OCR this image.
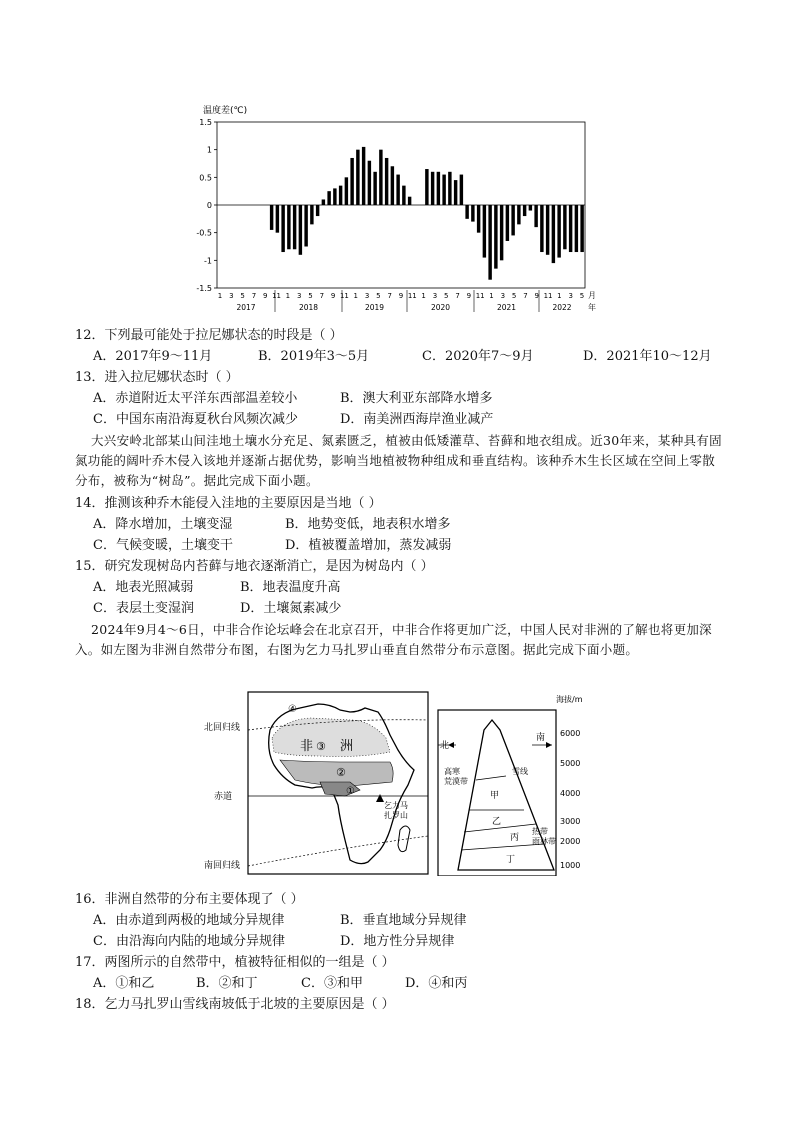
温度差(℃)
1.5
1
0.5
0
-0.5
-1
-1.5
1 3 5 7 9 11 1 3 5 7 9 11 1 3 5 7 9 11 1 3 5 7 9 11 1 3 5 7 9 11 1 3 5
2017	2018	2019	2020	2021	2022
月
年
12．下列最可能处于拉尼娜状态的时段是（ ）
A．2017年9～11月	B．2019年3～5月	C．2020年7～9月	D．2021年10～12月
13．进入拉尼娜状态时（ ）
A．赤道附近太平洋东西部温差较小	B．澳大利亚东部降水增多
C．中国东南沿海夏秋台风频次减少	D．南美洲西海岸渔业减产
大兴安岭北部某山间洼地土壤水分充足、氮素匮乏，植被由低矮灌草、苔藓和地衣组成。近30年来，某种具有固氮功能的阔叶乔木侵入该地并逐渐占据优势，影响当地植被物种组成和垂直结构。该种乔木生长区域在空间上零散分布，被称为“树岛”。据此完成下面小题。
14．推测该种乔木能侵入洼地的主要原因是当地（ ）
A．降水增加，土壤变湿	B．地势变低，地表积水增多
C．气候变暖，土壤变干	D．植被覆盖增加，蒸发减弱
15．研究发现树岛内苔藓与地衣逐渐消亡，是因为树岛内（ ）
A．地表光照减弱	B．地表温度升高
C．表层土变湿润	D．土壤氮素减少
2024年9月4～6日，中非合作论坛峰会在北京召开，中非合作将更加广泛，中国人民对非洲的了解也将更加深入。如左图为非洲自然带分布图，右图为乞力马扎罗山垂直自然带分布示意图。据此完成下面小题。
北回归线
赤道
南回归线
非 洲
①
②
③
④
乞力马
扎罗山
海拔/m
6000
5000
4000
3000
2000
1000
北
南
高寒
荒漠带
雪线
甲
乙
丙
丁
热带
雨林带
16．非洲自然带的分布主要体现了（ ）
A．由赤道到两极的地域分异规律	B．垂直地域分异规律
C．由沿海向内陆的地域分异规律	D．地方性分异规律
17．两图所示的自然带中，植被特征相似的一组是（ ）
A．①和乙	B．②和丁	C．③和甲	D．④和丙
18．乞力马扎罗山雪线南坡低于北坡的主要原因是（ ）
